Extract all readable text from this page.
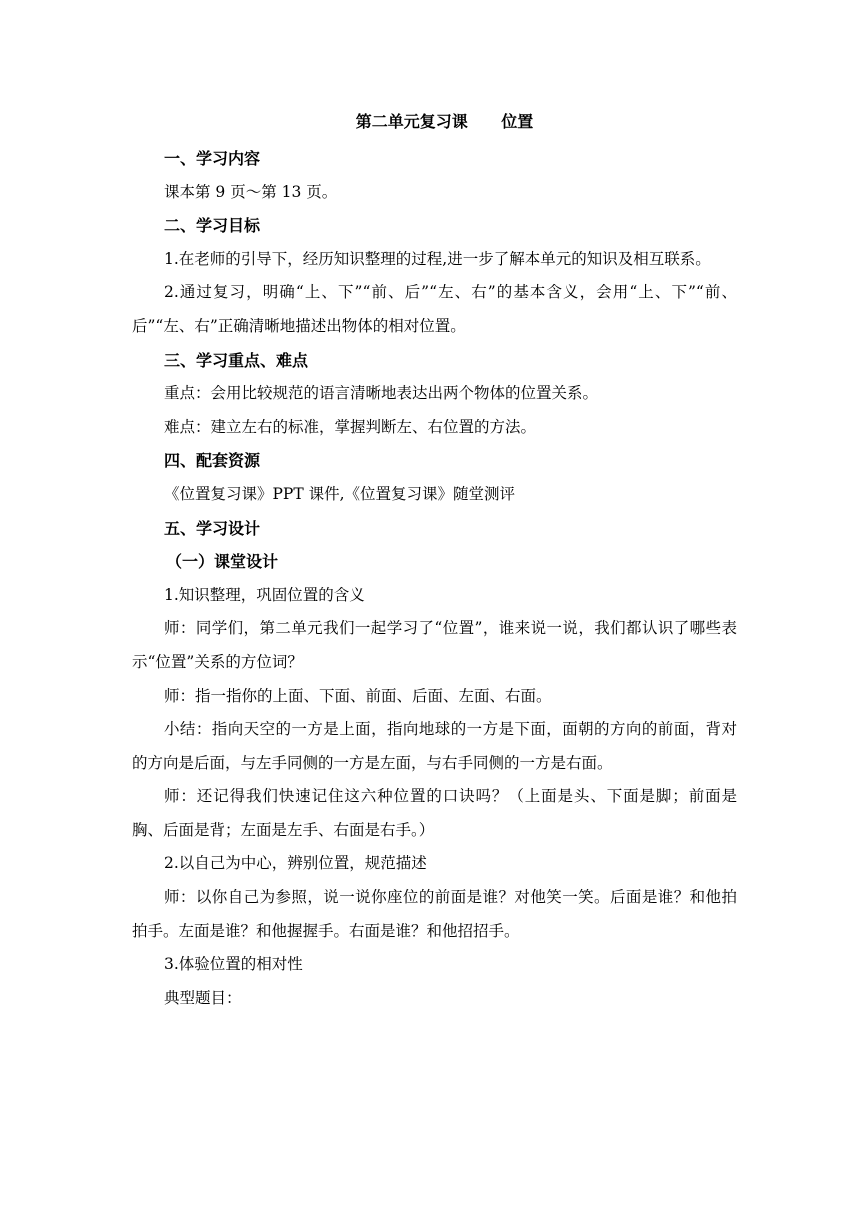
第二单元复习课      位置
一、学习内容
课本第 9 页～第 13 页。
二、学习目标
1.在老师的引导下，经历知识整理的过程,进一步了解本单元的知识及相互联系。
2.通过复习，明确“上、下”“前、后”“左、右”的基本含义，会用“上、下”“前、后”“左、右”正确清晰地描述出物体的相对位置。
三、学习重点、难点
重点：会用比较规范的语言清晰地表达出两个物体的位置关系。
难点：建立左右的标准，掌握判断左、右位置的方法。
四、配套资源
《位置复习课》PPT 课件,《位置复习课》随堂测评
五、学习设计
（一）课堂设计
1.知识整理，巩固位置的含义
师：同学们，第二单元我们一起学习了“位置”，谁来说一说，我们都认识了哪些表示“位置”关系的方位词？
师：指一指你的上面、下面、前面、后面、左面、右面。
小结：指向天空的一方是上面，指向地球的一方是下面，面朝的方向的前面，背对的方向是后面，与左手同侧的一方是左面，与右手同侧的一方是右面。
师：还记得我们快速记住这六种位置的口诀吗？（上面是头、下面是脚；前面是胸、后面是背；左面是左手、右面是右手。）
2.以自己为中心，辨别位置，规范描述
师：以你自己为参照，说一说你座位的前面是谁？对他笑一笑。后面是谁？和他拍拍手。左面是谁？和他握握手。右面是谁？和他招招手。
3.体验位置的相对性
典型题目：
